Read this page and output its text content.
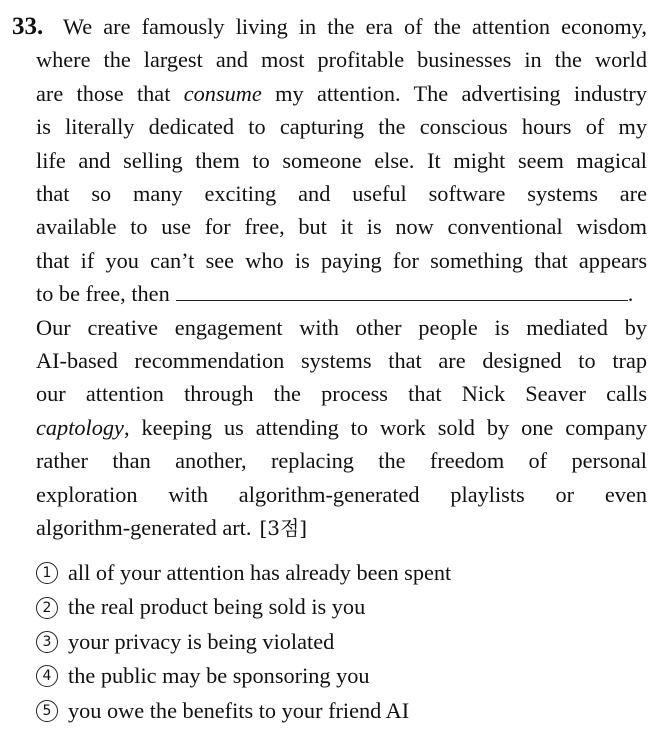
33. We are famously living in the era of the attention economy,
where the largest and most profitable businesses in the world
are those that consume my attention. The advertising industry
is literally dedicated to capturing the conscious hours of my
life and selling them to someone else. It might seem magical
that so many exciting and useful software systems are
available to use for free, but it is now conventional wisdom
that if you can’t see who is paying for something that appears
to be free, then	.
Our creative engagement with other people is mediated by
AI-based recommendation systems that are designed to trap
our attention through the process that Nick Seaver calls
captology, keeping us attending to work sold by one company
rather than another, replacing the freedom of personal
exploration with algorithm-generated playlists or even
algorithm-generated art. [3점]
1 all of your attention has already been spent
2 the real product being sold is you
3 your privacy is being violated
4 the public may be sponsoring you
5 you owe the benefits to your friend AI
